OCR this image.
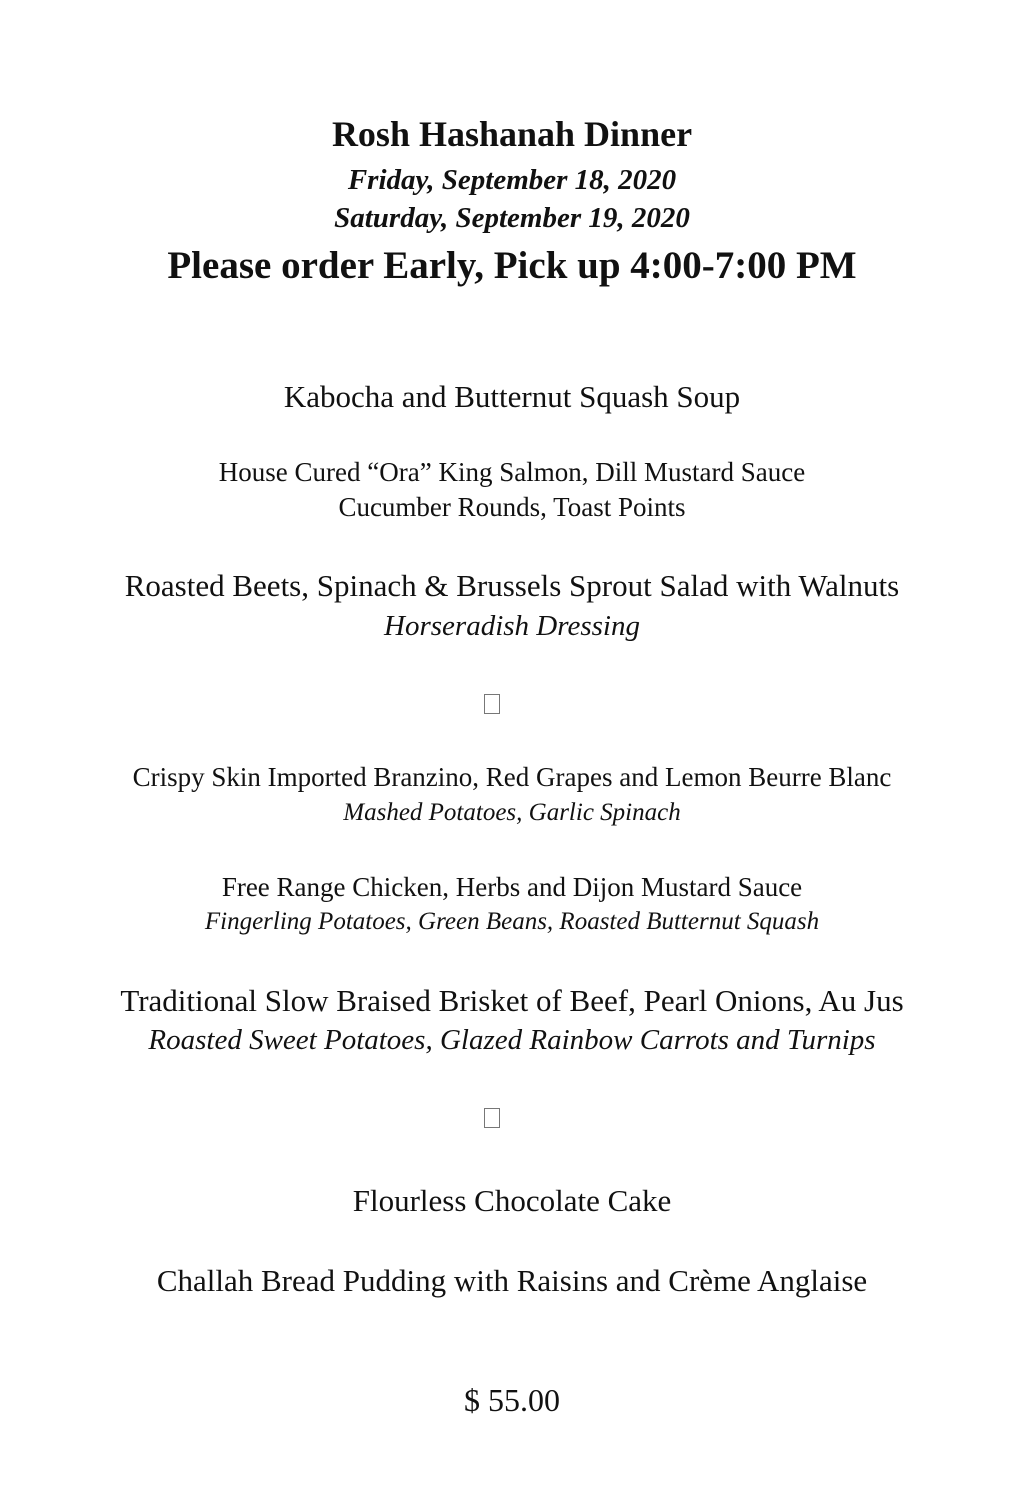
Rosh Hashanah Dinner
Friday, September 18, 2020
Saturday, September 19, 2020
Please order Early, Pick up 4:00-7:00 PM
Kabocha and Butternut Squash Soup
House Cured “Ora” King Salmon, Dill Mustard Sauce
Cucumber Rounds, Toast Points
Roasted Beets, Spinach & Brussels Sprout Salad with Walnuts
Horseradish Dressing
Crispy Skin Imported Branzino, Red Grapes and Lemon Beurre Blanc
Mashed Potatoes, Garlic Spinach
Free Range Chicken, Herbs and Dijon Mustard Sauce
Fingerling Potatoes, Green Beans, Roasted Butternut Squash
Traditional Slow Braised Brisket of Beef, Pearl Onions, Au Jus
Roasted Sweet Potatoes, Glazed Rainbow Carrots and Turnips
Flourless Chocolate Cake
Challah Bread Pudding with Raisins and Crème Anglaise
$ 55.00
